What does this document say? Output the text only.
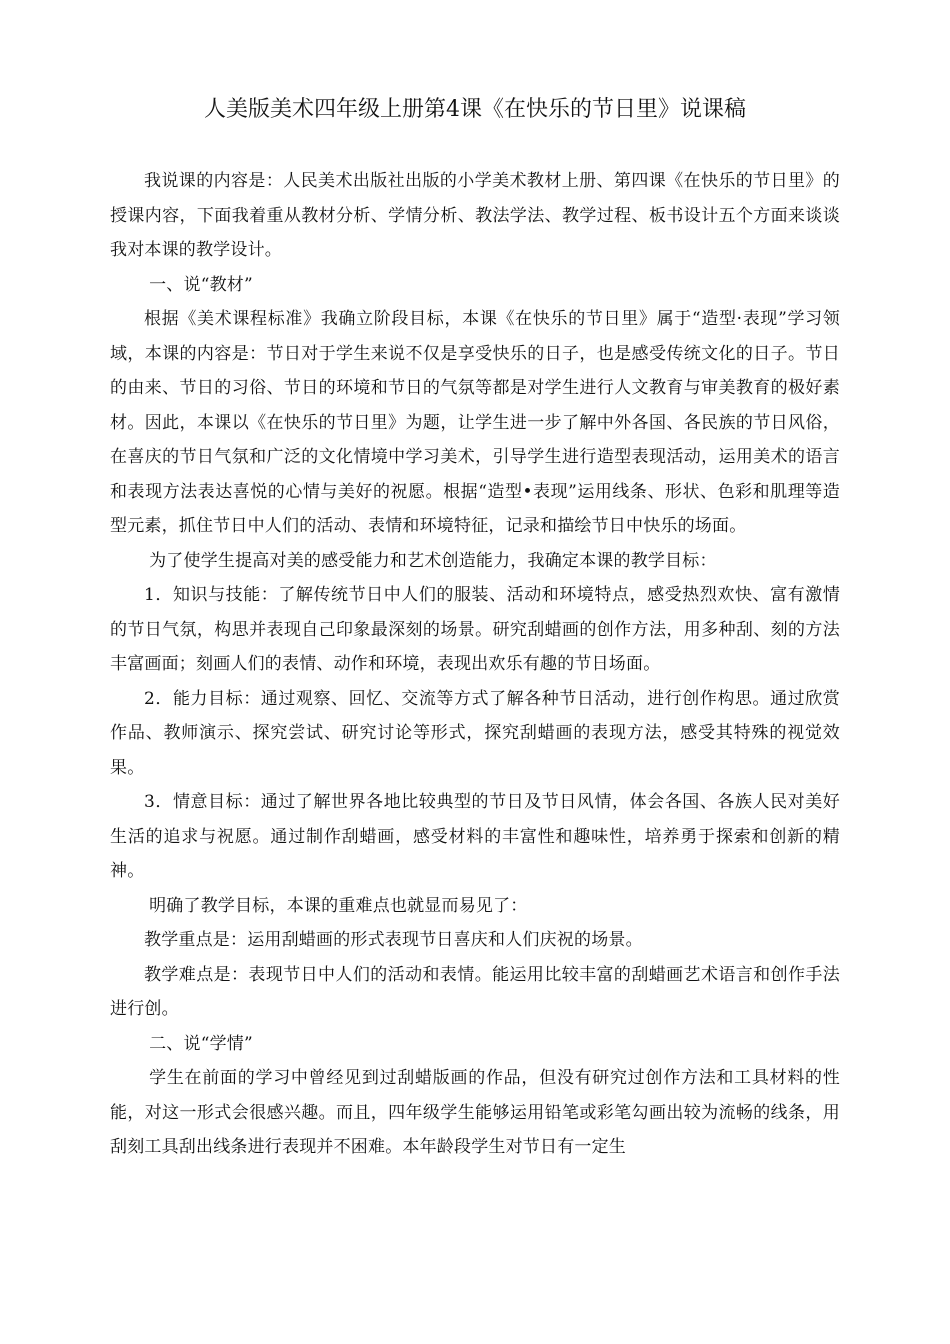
人美版美术四年级上册第4课《在快乐的节日里》说课稿

我说课的内容是：人民美术出版社出版的小学美术教材上册、第四课《在快乐的节日里》的授课内容，下面我着重从教材分析、学情分析、教法学法、教学过程、板书设计五个方面来谈谈我对本课的教学设计。

一、说“教材”

根据《美术课程标准》我确立阶段目标，本课《在快乐的节日里》属于“造型·表现”学习领域，本课的内容是：节日对于学生来说不仅是享受快乐的日子，也是感受传统文化的日子。节日的由来、节日的习俗、节日的环境和节日的气氛等都是对学生进行人文教育与审美教育的极好素材。因此，本课以《在快乐的节日里》为题，让学生进一步了解中外各国、各民族的节日风俗，在喜庆的节日气氛和广泛的文化情境中学习美术，引导学生进行造型表现活动，运用美术的语言和表现方法表达喜悦的心情与美好的祝愿。根据“造型•表现”运用线条、形状、色彩和肌理等造型元素，抓住节日中人们的活动、表情和环境特征，记录和描绘节日中快乐的场面。

为了使学生提高对美的感受能力和艺术创造能力，我确定本课的教学目标：

1．知识与技能：了解传统节日中人们的服装、活动和环境特点，感受热烈欢快、富有激情的节日气氛，构思并表现自己印象最深刻的场景。研究刮蜡画的创作方法，用多种刮、刻的方法丰富画面；刻画人们的表情、动作和环境，表现出欢乐有趣的节日场面。

2．能力目标：通过观察、回忆、交流等方式了解各种节日活动，进行创作构思。通过欣赏作品、教师演示、探究尝试、研究讨论等形式，探究刮蜡画的表现方法，感受其特殊的视觉效果。

3．情意目标：通过了解世界各地比较典型的节日及节日风情，体会各国、各族人民对美好生活的追求与祝愿。通过制作刮蜡画，感受材料的丰富性和趣味性，培养勇于探索和创新的精神。

明确了教学目标，本课的重难点也就显而易见了：

教学重点是：运用刮蜡画的形式表现节日喜庆和人们庆祝的场景。

教学难点是：表现节日中人们的活动和表情。能运用比较丰富的刮蜡画艺术语言和创作手法进行创。

二、说“学情”

学生在前面的学习中曾经见到过刮蜡版画的作品，但没有研究过创作方法和工具材料的性能，对这一形式会很感兴趣。而且，四年级学生能够运用铅笔或彩笔勾画出较为流畅的线条，用刮刻工具刮出线条进行表现并不困难。本年龄段学生对节日有一定生
